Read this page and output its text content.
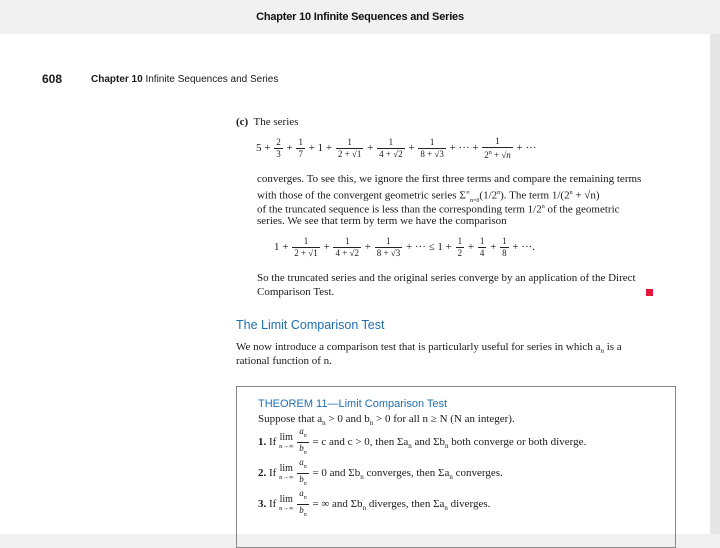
Chapter 10 Infinite Sequences and Series
608	Chapter 10 Infinite Sequences and Series
(c) The series
$5 + \frac{2}{3} + \frac{1}{7} + 1 + \frac{1}{2 + √1} + \frac{1}{4 + √2} + \frac{1}{8 + √3}$ + ··· + $\frac{1}{2^n + √n}$ + ···
converges. To see this, we ignore the first three terms and compare the remaining terms
with those of the convergent geometric series $\Sigma^\infty_{n=0}(1/2^n)$. The term $1/(2^n + √n)$
of the truncated sequence is less than the corresponding term 1/2$^n$ of the geometric
series. We see that term by term we have the comparison
$1 + \frac{1}{2 + √1} + \frac{1}{4 + √2} + \frac{1}{8 + √3}$ + ··· ≤ $1 + \frac{1}{2} + \frac{1}{4} + \frac{1}{8}$ + ···.
So the truncated series and the original series converge by an application of the Direct
Comparison Test.
The Limit Comparison Test
We now introduce a comparison test that is particularly useful for series in which $a_n$ is a
rational function of n.
THEOREM 11—Limit Comparison Test
Suppose that $a_n > 0$ and $b_n > 0$ for all n ≥ N (N an integer).
1. If lim
n→∞
$\frac{a_n}{b_n} = c$ and c > 0, then $\Sigma a_n$ and $\Sigma b_n$ both converge or both diverge.
2. If lim
n→∞
$\frac{a_n}{b_n} = 0$ and $\Sigma b_n$ converges, then $\Sigma a_n$ converges.
3. If lim
n→∞
$\frac{a_n}{b_n}$ = ∞ and $\Sigma b_n$ diverges, then $\Sigma a_n$ diverges.
